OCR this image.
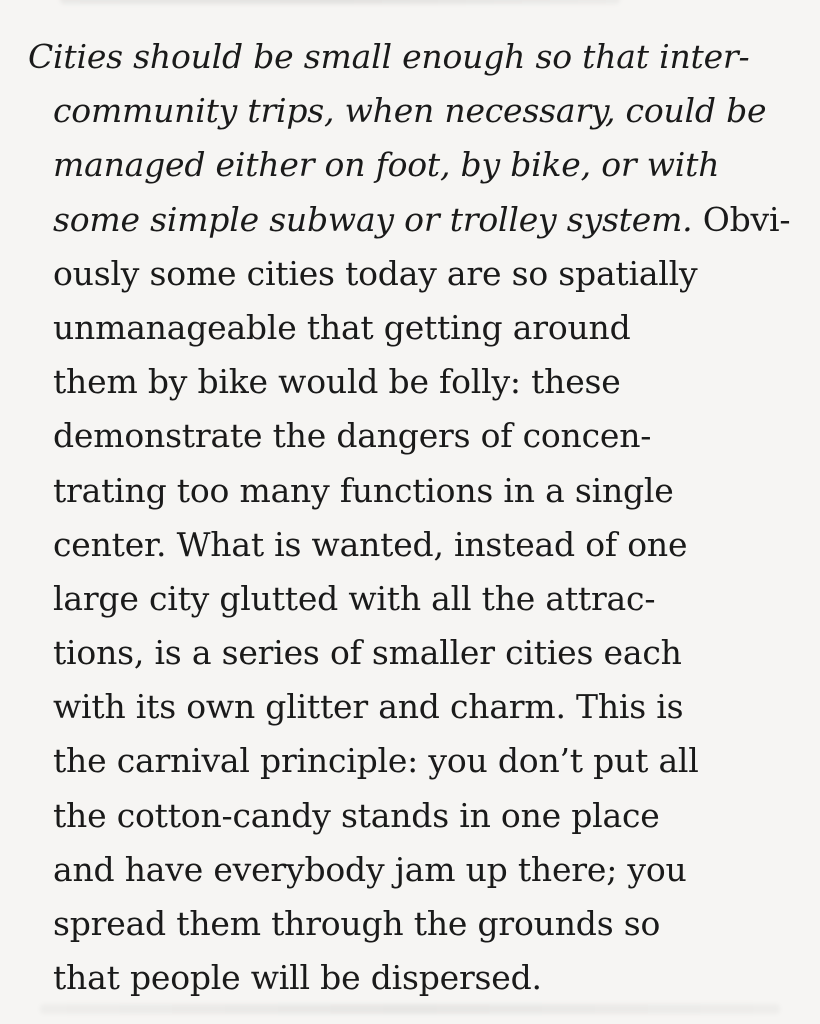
Cities should be small enough so that inter-
community trips, when necessary, could be
managed either on foot, by bike, or with
some simple subway or trolley system. Obvi-
ously some cities today are so spatially
unmanageable that getting around
them by bike would be folly: these
demonstrate the dangers of concen-
trating too many functions in a single
center. What is wanted, instead of one
large city glutted with all the attrac-
tions, is a series of smaller cities each
with its own glitter and charm. This is
the carnival principle: you don’t put all
the cotton-candy stands in one place
and have everybody jam up there; you
spread them through the grounds so
that people will be dispersed.
